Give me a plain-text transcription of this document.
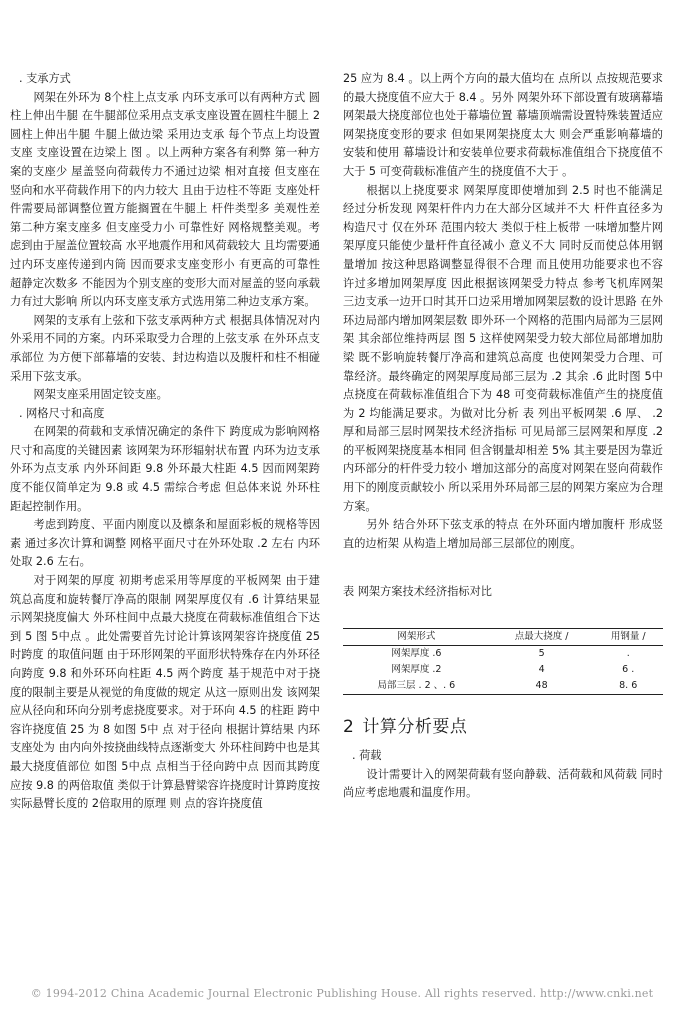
. 支承方式

网架在外环为 8个柱上点支承 内环支承可以有两种方式 圆柱上伸出牛腿 在牛腿部位采用点支承支座设置在圆柱牛腿上 2 圆柱上伸出牛腿 牛腿上做边梁 采用边支承 每个节点上均设置支座 支座设置在边梁上 图 。以上两种方案各有利弊 第一种方案的支座少 屋盖竖向荷载传力不通过边梁 相对直接 但支座在竖向和水平荷载作用下的内力较大 且由于边柱不等距 支座处杆件需要局部调整位置方能搁置在牛腿上 杆件类型多 美观性差 第二种方案支座多 但支座受力小 可靠性好 网格规整美观。考虑到由于屋盖位置较高 水平地震作用和风荷载较大 且均需要通过内环支座传递到内筒 因而要求支座变形小 有更高的可靠性 超静定次数多 不能因为个别支座的变形大而对屋盖的竖向承载力有过大影响 所以内环支座支承方式选用第二种边支承方案。

网架的支承有上弦和下弦支承两种方式 根据具体情况对内外采用不同的方案。内环采取受力合理的上弦支承 在外环点支承部位 为方便下部幕墙的安装、封边构造以及腹杆和柱不相碰 采用下弦支承。

网架支座采用固定铰支座。

. 网格尺寸和高度

在网架的荷载和支承情况确定的条件下 跨度成为影响网格尺寸和高度的关键因素 该网架为环形辐射状布置 内环为边支承 外环为点支承 内外环间距 9.8 外环最大柱距 4.5 因而网架跨度不能仅简单定为 9.8 或 4.5 需综合考虑 但总体来说 外环柱距起控制作用。

考虑到跨度、平面内刚度以及檩条和屋面彩板的规格等因素 通过多次计算和调整 网格平面尺寸在外环处取 .2 左右 内环处取 2.6 左右。

对于网架的厚度 初期考虑采用等厚度的平板网架 由于建筑总高度和旋转餐厅净高的限制 网架厚度仅有 .6 计算结果显示网架挠度偏大 外环柱间中点最大挠度在荷载标准值组合下达到 5 图 5中点 。此处需要首先讨论计算该网架容许挠度值 25时跨度 的取值问题 由于环形网架的平面形状特殊存在内外环径向跨度 9.8 和外环环向柱距 4.5 两个跨度 基于规范中对于挠度的限制主要是从视觉的角度做的规定 从这一原则出发 该网架应从径向和环向分别考虑挠度要求。对于环向 4.5 的柱距 跨中容许挠度值 25 为 8 如图 5中 点 对于径向 根据计算结果 内环支座处为 由内向外按挠曲线特点逐渐变大 外环柱间跨中也是其最大挠度值部位 如图 5中点 点相当于径向跨中点 因而其跨度应按 9.8 的两倍取值 类似于计算悬臂梁容许挠度时计算跨度按实际悬臂长度的 2倍取用的原理 则 点的容许挠度值

25 应为 8.4 。以上两个方向的最大值均在 点所以 点按规范要求的最大挠度值不应大于 8.4 。另外 网架外环下部设置有玻璃幕墙 网架最大挠度部位也处于幕墙位置 幕墙顶端需设置特殊装置适应网架挠度变形的要求 但如果网架挠度太大 则会严重影响幕墙的安装和使用 幕墙设计和安装单位要求荷载标准值组合下挠度值不大于 5 可变荷载标准值产生的挠度值不大于 。

根据以上挠度要求 网架厚度即使增加到 2.5 时也不能满足 经过分析发现 网架杆件内力在大部分区域并不大 杆件直径多为构造尺寸 仅在外环 范围内较大 类似于柱上板带 一味增加整片网架厚度只能使少量杆件直径减小 意义不大 同时反而使总体用钢量增加 按这种思路调整显得很不合理 而且使用功能要求也不容许过多增加网架厚度 因此根据该网架受力特点 参考飞机库网架三边支承一边开口时其开口边采用增加网架层数的设计思路 在外环边局部内增加网架层数 即外环一个网格的范围内局部为三层网架 其余部位维持两层 图 5 这样使网架受力较大部位局部增加肋梁 既不影响旋转餐厅净高和建筑总高度 也使网架受力合理、可靠经济。最终确定的网架厚度局部三层为 .2 其余 .6 此时图 5中 点挠度在荷载标准值组合下为 48 可变荷载标准值产生的挠度值为 2 均能满足要求。为做对比分析 表 列出平板网架 .6 厚、 .2 厚和局部三层时网架技术经济指标 可见局部三层网架和厚度 .2 的平板网架挠度基本相同 但含钢量却相差 5% 其主要是因为靠近内环部分的杆件受力较小 增加这部分的高度对网架在竖向荷载作用下的刚度贡献较小 所以采用外环局部三层的网架方案应为合理方案。

另外 结合外环下弦支承的特点 在外环面内增加腹杆 形成竖直的边桁架 从构造上增加局部三层部位的刚度。

表 网架方案技术经济指标对比

网架形式	点最大挠度 /	用钢量 /
网架厚度 .6	5	.
网架厚度 .2	4	6 .
局部三层 . 2 、. 6	48	8. 6
2 计算分析要点

. 荷载

设计需要计入的网架荷载有竖向静载、活荷载和风荷载 同时尚应考虑地震和温度作用。

© 1994-2012 China Academic Journal Electronic Publishing House. All rights reserved. http://www.cnki.net
